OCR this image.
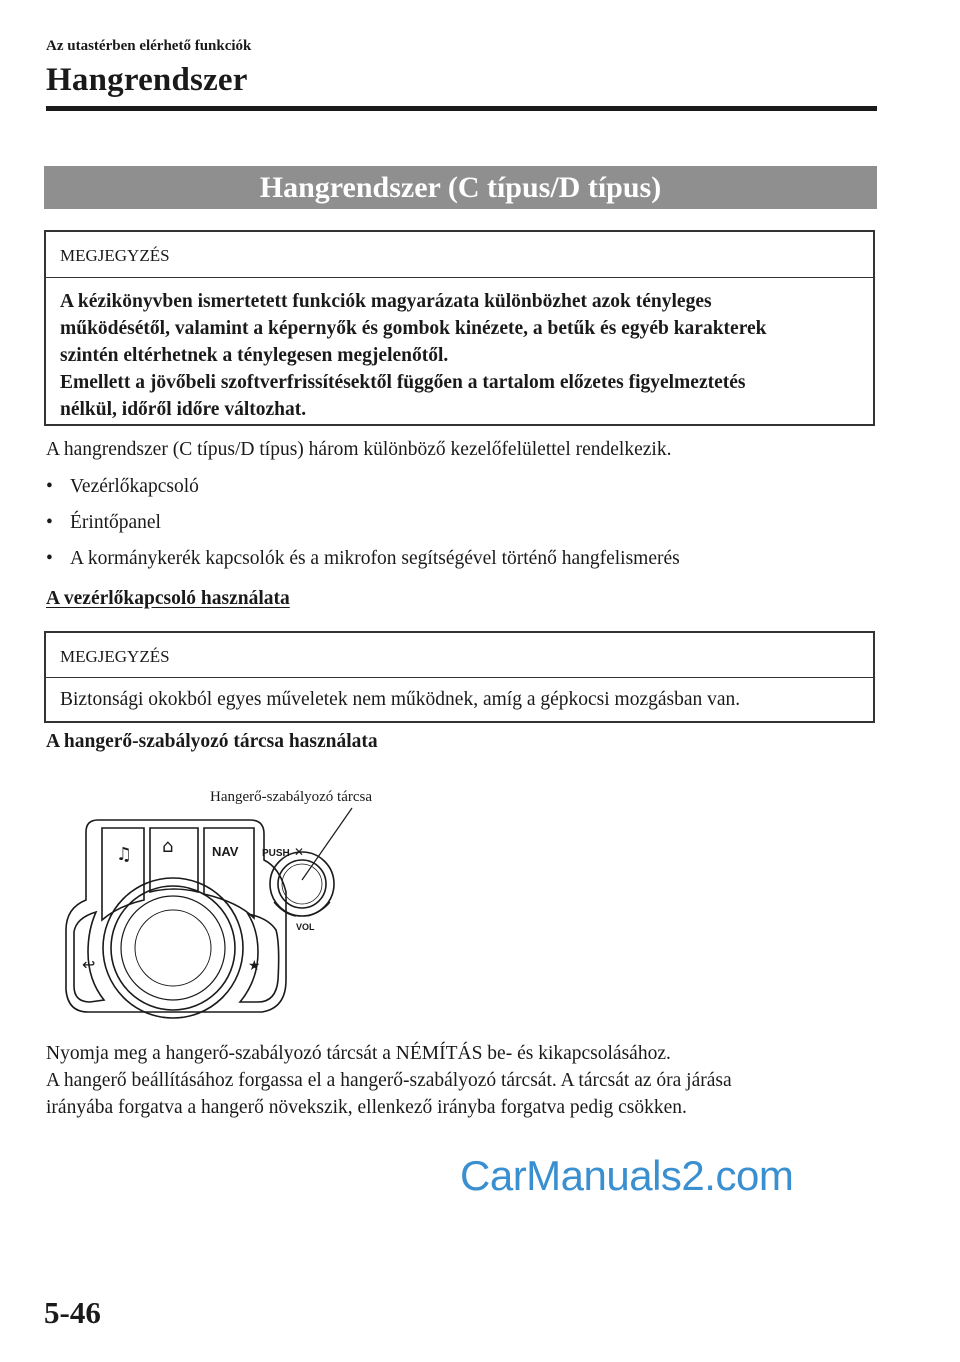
Az utastérben elérhető funkciók
Hangrendszer
Hangrendszer (C típus/D típus)
MEGJEGYZÉS
A kézikönyvben ismertetett funkciók magyarázata különbözhet azok tényleges
működésétől, valamint a képernyők és gombok kinézete, a betűk és egyéb karakterek
szintén eltérhetnek a ténylegesen megjelenőtől.
Emellett a jövőbeli szoftverfrissítésektől függően a tartalom előzetes figyelmeztetés
nélkül, időről időre változhat.
A hangrendszer (C típus/D típus) három különböző kezelőfelülettel rendelkezik.
• Vezérlőkapcsoló
• Érintőpanel
• A kormánykerék kapcsolók és a mikrofon segítségével történő hangfelismerés
A vezérlőkapcsoló használata
MEGJEGYZÉS
Biztonsági okokból egyes műveletek nem működnek, amíg a gépkocsi mozgásban van.
A hangerő-szabályozó tárcsa használata
Hangerő-szabályozó tárcsa
♫ ⌂	NAV PUSH ✕
VOL
↩	★
Nyomja meg a hangerő-szabályozó tárcsát a NÉMÍTÁS be- és kikapcsolásához.
A hangerő beállításához forgassa el a hangerő-szabályozó tárcsát. A tárcsát az óra járása
irányába forgatva a hangerő növekszik, ellenkező irányba forgatva pedig csökken.
CarManuals2.com
5-46
carmanualsonline.info
